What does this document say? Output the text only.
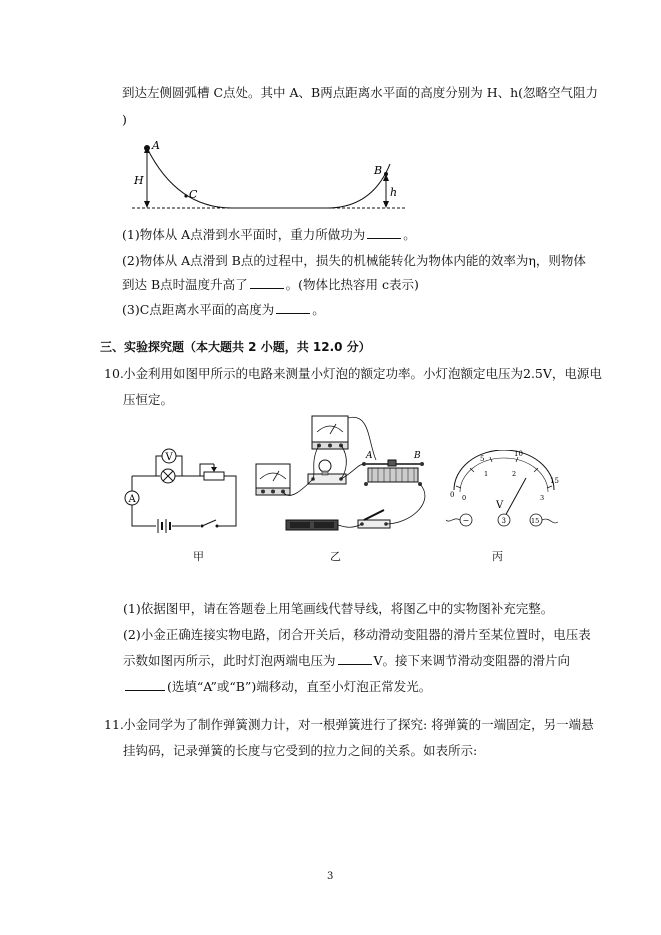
到达左侧圆弧槽 C点处。其中 A、B两点距离水平面的高度分别为 H、h(忽略空气阻力
)
A
C
B
H
h
(1)物体从 A点滑到水平面时，重力所做功为	。
(2)物体从 A点滑到 B点的过程中，损失的机械能转化为物体内能的效率为η，则物体
到达 B点时温度升高了	。(物体比热容用 c表示)
(3)C点距离水平面的高度为	。
三、实验探究题（本大题共 2 小题，共 12.0 分）
10. 小金利用如图甲所示的电路来测量小灯泡的额定功率。小灯泡额定电压为2.5V，电源电
压恒定。
A
V	A	B
0
5
10
15
0
1	2
3
V
−	3	15
甲	乙	丙
(1)依据图甲，请在答题卷上用笔画线代替导线，将图乙中的实物图补充完整。
(2)小金正确连接实物电路，闭合开关后，移动滑动变阻器的滑片至某位置时，电压表
示数如图丙所示，此时灯泡两端电压为	V。接下来调节滑动变阻器的滑片向
(选填“A”或“B”)端移动，直至小灯泡正常发光。
11. 小金同学为了制作弹簧测力计，对一根弹簧进行了探究: 将弹簧的一端固定，另一端悬
挂钩码，记录弹簧的长度与它受到的拉力之间的关系。如表所示:
3
